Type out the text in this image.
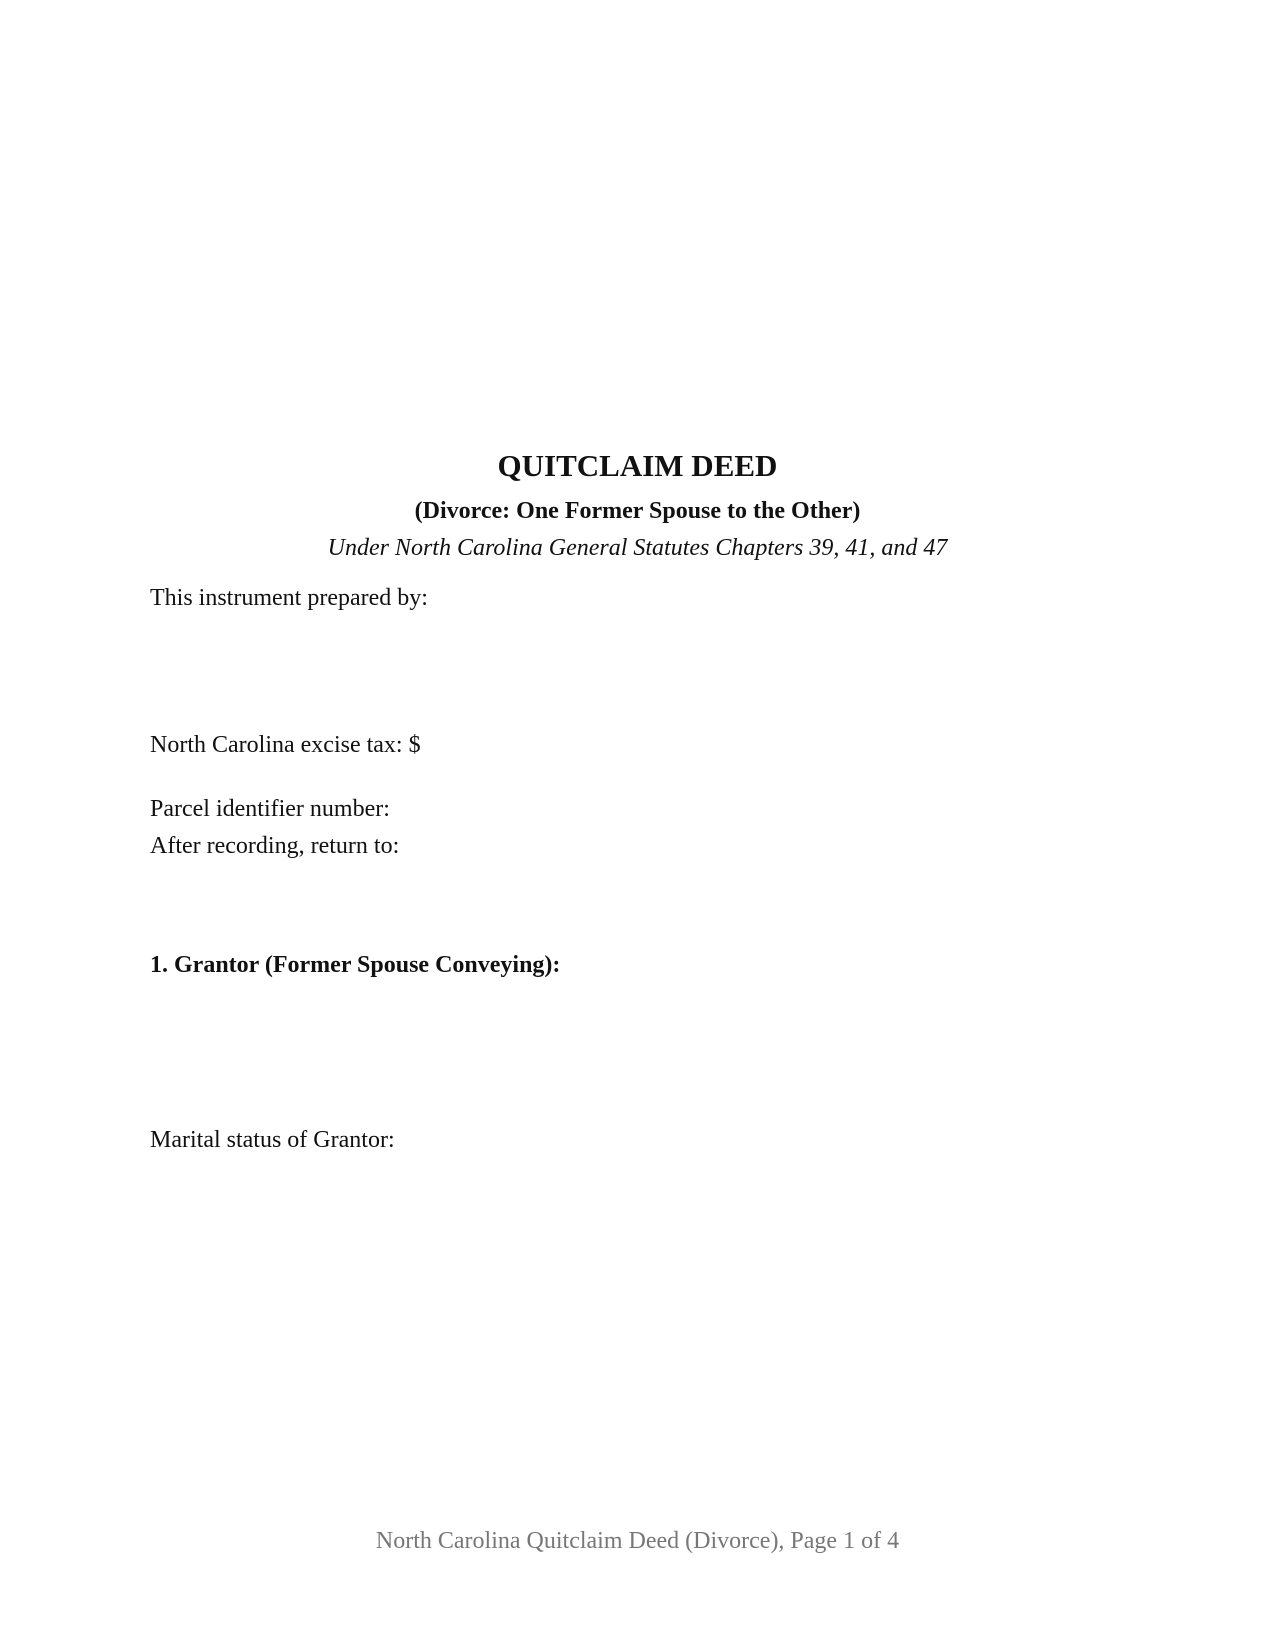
QUITCLAIM DEED
(Divorce: One Former Spouse to the Other)
Under North Carolina General Statutes Chapters 39, 41, and 47
This instrument prepared by:
North Carolina excise tax: $
Parcel identifier number:
After recording, return to:
1. Grantor (Former Spouse Conveying):
Marital status of Grantor:
North Carolina Quitclaim Deed (Divorce), Page 1 of 4
